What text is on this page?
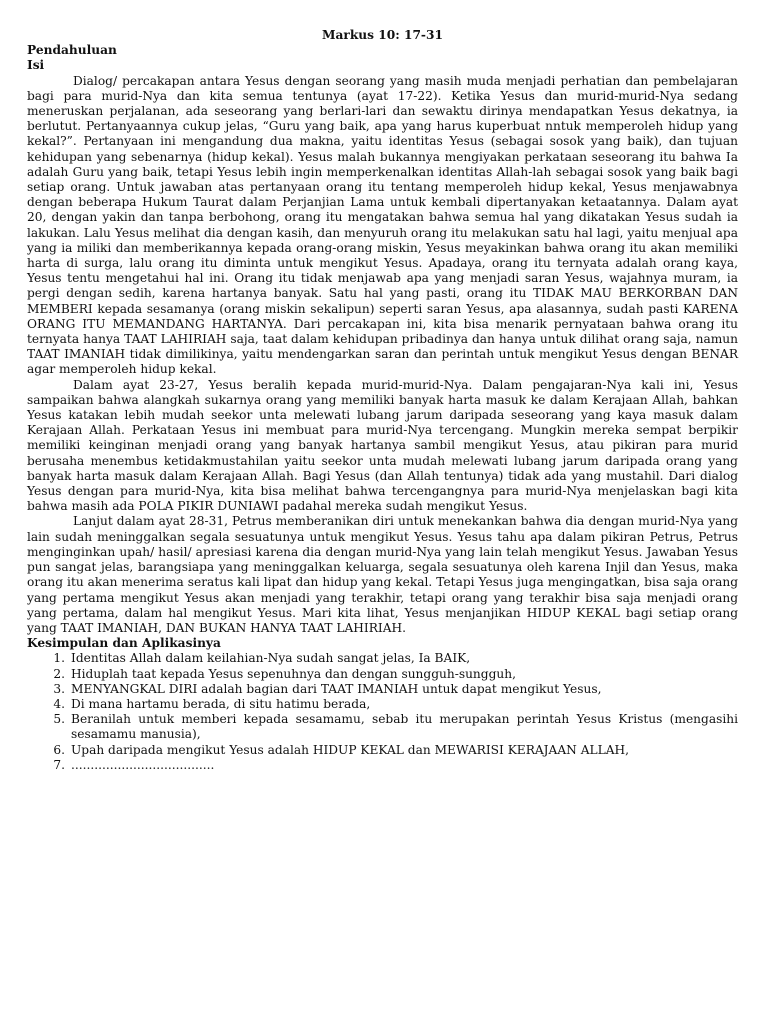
Markus 10: 17-31

Pendahuluan

Isi

Dialog/ percakapan antara Yesus dengan seorang yang masih muda menjadi perhatian dan pembelajaran bagi para murid-Nya dan kita semua tentunya (ayat 17-22). Ketika Yesus dan murid-murid-Nya sedang meneruskan perjalanan, ada seseorang yang berlari-lari dan sewaktu dirinya mendapatkan Yesus dekatnya, ia berlutut. Pertanyaannya cukup jelas, “Guru yang baik, apa yang harus kuperbuat nntuk memperoleh hidup yang kekal?”. Pertanyaan ini mengandung dua makna, yaitu identitas Yesus (sebagai sosok yang baik), dan tujuan kehidupan yang sebenarnya (hidup kekal). Yesus malah bukannya mengiyakan perkataan seseorang itu bahwa Ia adalah Guru yang baik, tetapi Yesus lebih ingin memperkenalkan identitas Allah-lah sebagai sosok yang baik bagi setiap orang. Untuk jawaban atas pertanyaan orang itu tentang memperoleh hidup kekal, Yesus menjawabnya dengan beberapa Hukum Taurat dalam Perjanjian Lama untuk kembali dipertanyakan ketaatannya. Dalam ayat 20, dengan yakin dan tanpa berbohong, orang itu mengatakan bahwa semua hal yang dikatakan Yesus sudah ia lakukan. Lalu Yesus melihat dia dengan kasih, dan menyuruh orang itu melakukan satu hal lagi, yaitu menjual apa yang ia miliki dan memberikannya kepada orang-orang miskin, Yesus meyakinkan bahwa orang itu akan memiliki harta di surga, lalu orang itu diminta untuk mengikut Yesus. Apadaya, orang itu ternyata adalah orang kaya, Yesus tentu mengetahui hal ini. Orang itu tidak menjawab apa yang menjadi saran Yesus, wajahnya muram, ia pergi dengan sedih, karena hartanya banyak. Satu hal yang pasti, orang itu TIDAK MAU BERKORBAN DAN MEMBERI kepada sesamanya (orang miskin sekalipun) seperti saran Yesus, apa alasannya, sudah pasti KARENA ORANG ITU MEMANDANG HARTANYA. Dari percakapan ini, kita bisa menarik pernyataan bahwa orang itu ternyata hanya TAAT LAHIRIAH saja, taat dalam kehidupan pribadinya dan hanya untuk dilihat orang saja, namun TAAT IMANIAH tidak dimilikinya, yaitu mendengarkan saran dan perintah untuk mengikut Yesus dengan BENAR agar memperoleh hidup kekal.

Dalam ayat 23-27, Yesus beralih kepada murid-murid-Nya. Dalam pengajaran-Nya kali ini, Yesus sampaikan bahwa alangkah sukarnya orang yang memiliki banyak harta masuk ke dalam Kerajaan Allah, bahkan Yesus katakan lebih mudah seekor unta melewati lubang jarum daripada seseorang yang kaya masuk dalam Kerajaan Allah. Perkataan Yesus ini membuat para murid-Nya tercengang. Mungkin mereka sempat berpikir memiliki keinginan menjadi orang yang banyak hartanya sambil mengikut Yesus, atau pikiran para murid berusaha menembus ketidakmustahilan yaitu seekor unta mudah melewati lubang jarum daripada orang yang banyak harta masuk dalam Kerajaan Allah. Bagi Yesus (dan Allah tentunya) tidak ada yang mustahil. Dari dialog Yesus dengan para murid-Nya, kita bisa melihat bahwa tercengangnya para murid-Nya menjelaskan bagi kita bahwa masih ada POLA PIKIR DUNIAWI padahal mereka sudah mengikut Yesus.

Lanjut dalam ayat 28-31, Petrus memberanikan diri untuk menekankan bahwa dia dengan murid-Nya yang lain sudah meninggalkan segala sesuatunya untuk mengikut Yesus. Yesus tahu apa dalam pikiran Petrus, Petrus menginginkan upah/ hasil/ apresiasi karena dia dengan murid-Nya yang lain telah mengikut Yesus. Jawaban Yesus pun sangat jelas, barangsiapa yang meninggalkan keluarga, segala sesuatunya oleh karena Injil dan Yesus, maka orang itu akan menerima seratus kali lipat dan hidup yang kekal. Tetapi Yesus juga mengingatkan, bisa saja orang yang pertama mengikut Yesus akan menjadi yang terakhir, tetapi orang yang terakhir bisa saja menjadi orang yang pertama, dalam hal mengikut Yesus. Mari kita lihat, Yesus menjanjikan HIDUP KEKAL bagi setiap orang yang TAAT IMANIAH, DAN BUKAN HANYA TAAT LAHIRIAH.

Kesimpulan dan Aplikasinya

1. Identitas Allah dalam keilahian-Nya sudah sangat jelas, Ia BAIK,
2. Hiduplah taat kepada Yesus sepenuhnya dan dengan sungguh-sungguh,
3. MENYANGKAL DIRI adalah bagian dari TAAT IMANIAH untuk dapat mengikut Yesus,
4. Di mana hartamu berada, di situ hatimu berada,
5. Beranilah untuk memberi kepada sesamamu, sebab itu merupakan perintah Yesus Kristus (mengasihi sesamamu manusia),
6. Upah daripada mengikut Yesus adalah HIDUP KEKAL dan MEWARISI KERAJAAN ALLAH,
7. .....................................
